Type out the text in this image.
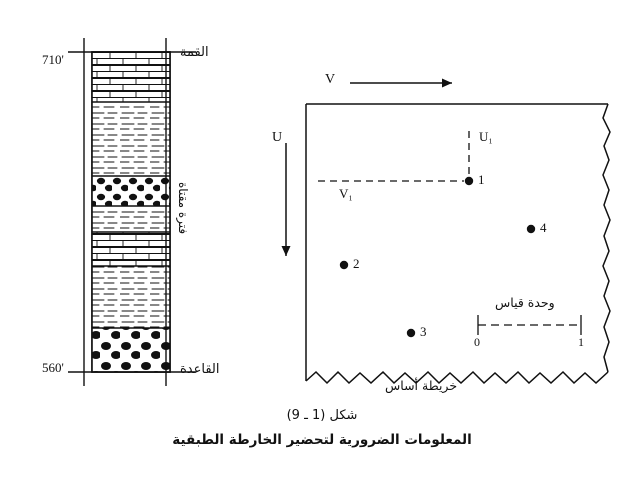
710'
560'
القمة
القاعدة
فترة مقتاة
V
U	U₁
V₁
1
2
3
4
وحدة قياس
0	1
خريطة أساس
شكل (1 ـ 9)
المعلومات الضرورية لتحضير الخارطة الطبقية
